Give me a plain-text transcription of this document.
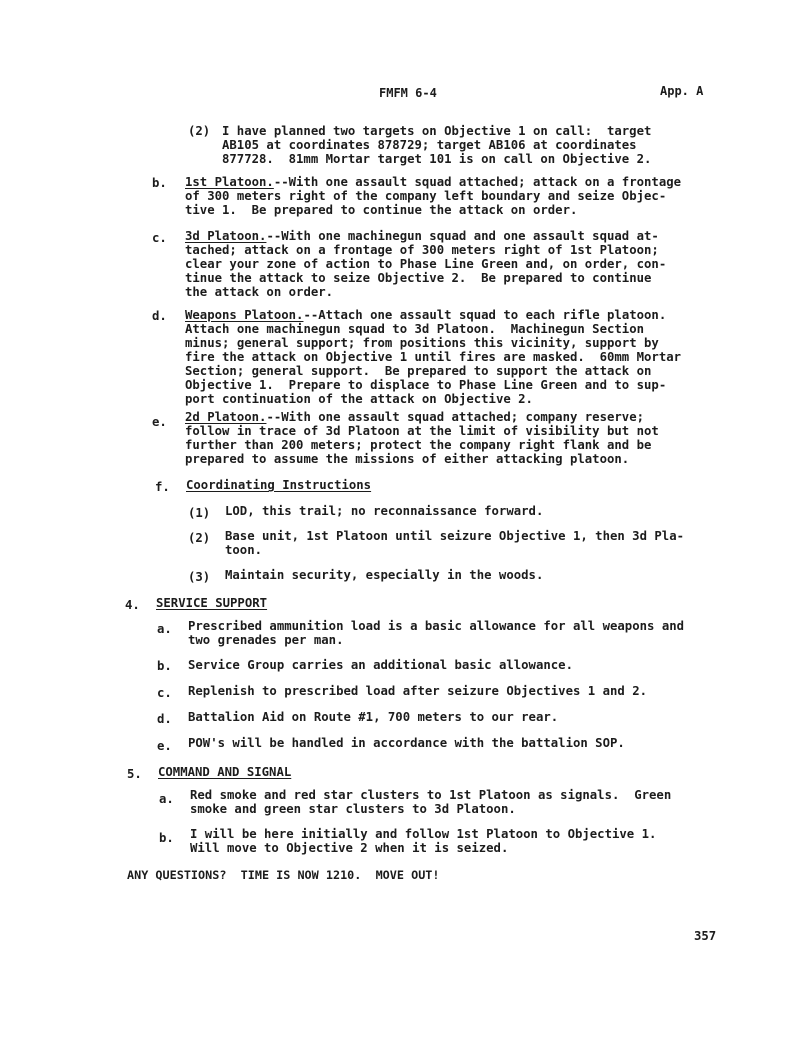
FMFM 6-4	App. A
(2) I have planned two targets on Objective 1 on call:  target
AB105 at coordinates 878729; target AB106 at coordinates
877728.  81mm Mortar target 101 is on call on Objective 2.
b. 1st Platoon.--With one assault squad attached; attack on a frontage
of 300 meters right of the company left boundary and seize Objec-
tive 1.  Be prepared to continue the attack on order.
c. 3d Platoon.--With one machinegun squad and one assault squad at-
tached; attack on a frontage of 300 meters right of 1st Platoon;
clear your zone of action to Phase Line Green and, on order, con-
tinue the attack to seize Objective 2.  Be prepared to continue
the attack on order.
d. Weapons Platoon.--Attach one assault squad to each rifle platoon.
Attach one machinegun squad to 3d Platoon.  Machinegun Section
minus; general support; from positions this vicinity, support by
fire the attack on Objective 1 until fires are masked.  60mm Mortar
Section; general support.  Be prepared to support the attack on
Objective 1.  Prepare to displace to Phase Line Green and to sup-
port continuation of the attack on Objective 2.
e. 2d Platoon.--With one assault squad attached; company reserve;
follow in trace of 3d Platoon at the limit of visibility but not
further than 200 meters; protect the company right flank and be
prepared to assume the missions of either attacking platoon.
f. Coordinating Instructions
(1) LOD, this trail; no reconnaissance forward.
(2) Base unit, 1st Platoon until seizure Objective 1, then 3d Pla-
toon.
(3) Maintain security, especially in the woods.
4. SERVICE SUPPORT
a. Prescribed ammunition load is a basic allowance for all weapons and
two grenades per man.
b. Service Group carries an additional basic allowance.
c. Replenish to prescribed load after seizure Objectives 1 and 2.
d. Battalion Aid on Route #1, 700 meters to our rear.
e. POW's will be handled in accordance with the battalion SOP.
5. COMMAND AND SIGNAL
a. Red smoke and red star clusters to 1st Platoon as signals.  Green
smoke and green star clusters to 3d Platoon.
b. I will be here initially and follow 1st Platoon to Objective 1.
Will move to Objective 2 when it is seized.
ANY QUESTIONS?  TIME IS NOW 1210.  MOVE OUT!
357
